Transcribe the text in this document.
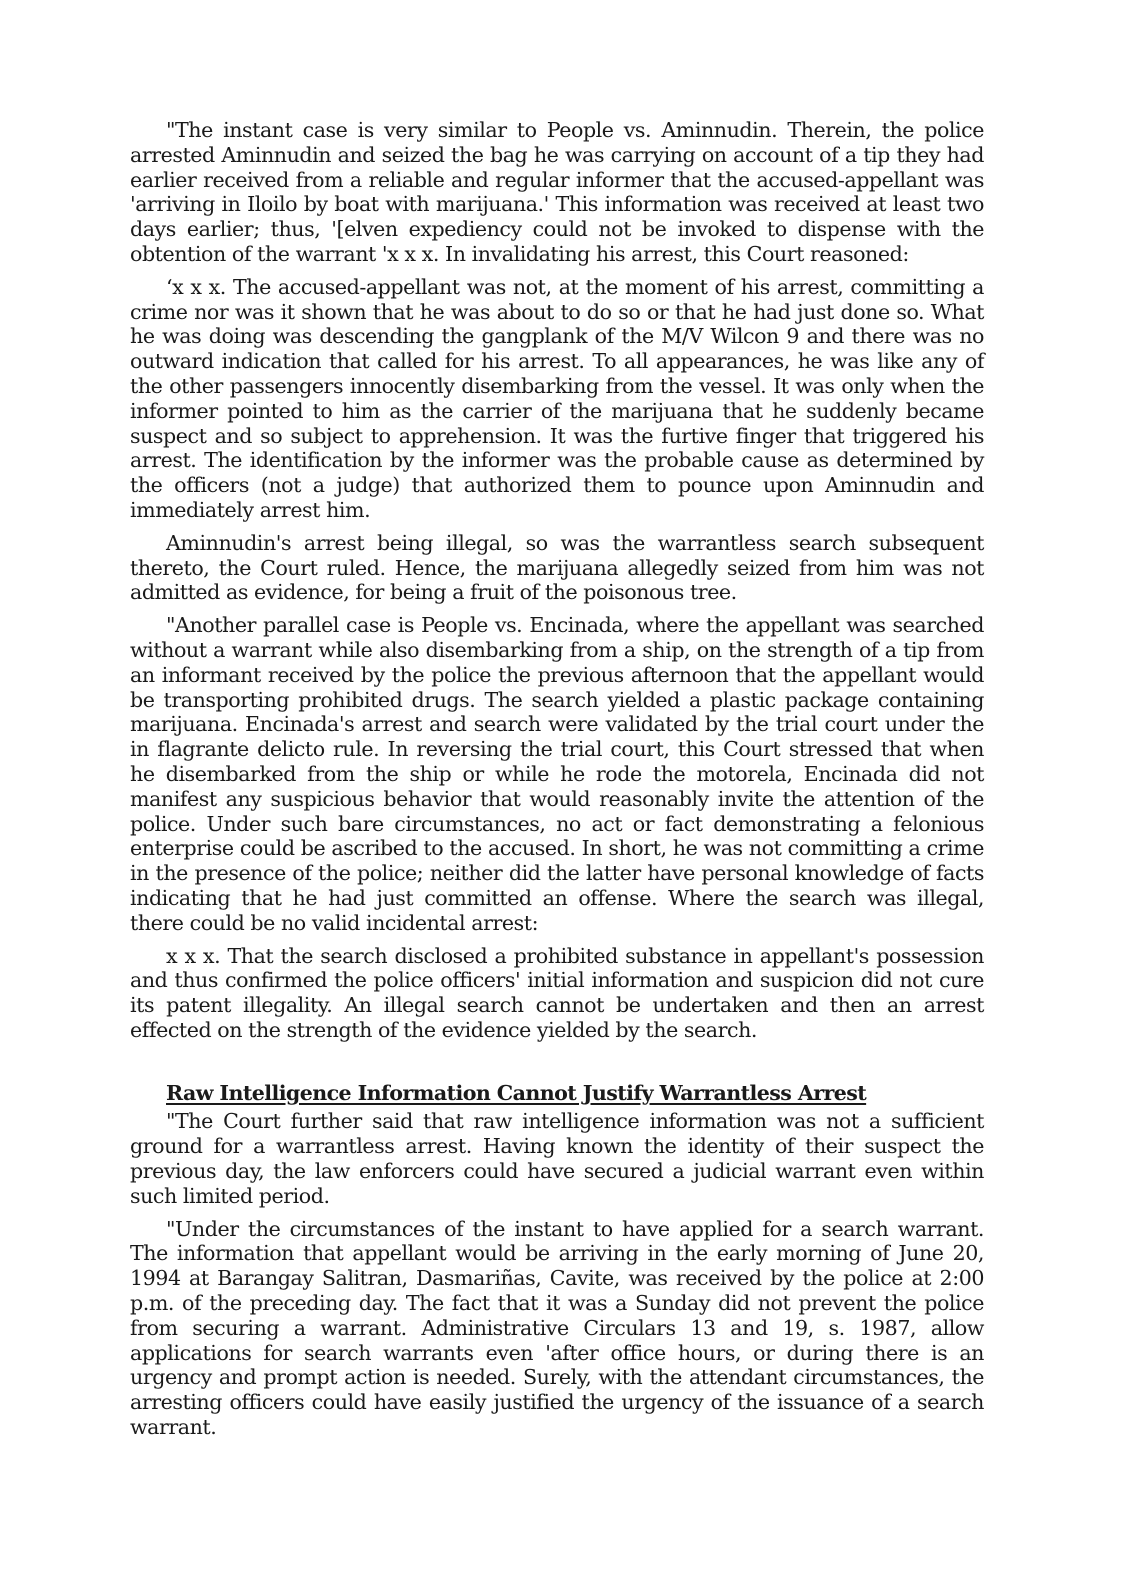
"The instant case is very similar to People vs. Aminnudin. Therein, the police arrested Aminnudin and seized the bag he was carrying on account of a tip they had earlier received from a reliable and regular informer that the accused-appellant was 'arriving in Iloilo by boat with marijuana.' This information was received at least two days earlier; thus, '[elven expediency could not be invoked to dispense with the obtention of the warrant 'x x x. In invalidating his arrest, this Court reasoned:

‘x x x. The accused-appellant was not, at the moment of his arrest, committing a crime nor was it shown that he was about to do so or that he had just done so. What he was doing was descending the gangplank of the M/V Wilcon 9 and there was no outward indication that called for his arrest. To all appearances, he was like any of the other passengers innocently disembarking from the vessel. It was only when the informer pointed to him as the carrier of the marijuana that he suddenly became suspect and so subject to apprehension. It was the furtive finger that triggered his arrest. The identification by the informer was the probable cause as determined by the officers (not a judge) that authorized them to pounce upon Aminnudin and immediately arrest him.

Aminnudin's arrest being illegal, so was the warrantless search subsequent thereto, the Court ruled. Hence, the marijuana allegedly seized from him was not admitted as evidence, for being a fruit of the poisonous tree.

"Another parallel case is People vs. Encinada, where the appellant was searched without a warrant while also disembarking from a ship, on the strength of a tip from an informant received by the police the previous afternoon that the appellant would be transporting prohibited drugs. The search yielded a plastic package containing marijuana. Encinada's arrest and search were validated by the trial court under the in flagrante delicto rule. In reversing the trial court, this Court stressed that when he disembarked from the ship or while he rode the motorela, Encinada did not manifest any suspicious behavior that would reasonably invite the attention of the police. Under such bare circumstances, no act or fact demonstrating a felonious enterprise could be ascribed to the accused. In short, he was not committing a crime in the presence of the police; neither did the latter have personal knowledge of facts indicating that he had just committed an offense. Where the search was illegal, there could be no valid incidental arrest:

x x x. That the search disclosed a prohibited substance in appellant's possession and thus confirmed the police officers' initial information and suspicion did not cure its patent illegality. An illegal search cannot be undertaken and then an arrest effected on the strength of the evidence yielded by the search.

Raw Intelligence Information Cannot Justify Warrantless Arrest

"The Court further said that raw intelligence information was not a sufficient ground for a warrantless arrest. Having known the identity of their suspect the previous day, the law enforcers could have secured a judicial warrant even within such limited period.

"Under the circumstances of the instant to have applied for a search warrant. The information that appellant would be arriving in the early morning of June 20, 1994 at Barangay Salitran, Dasmariñas, Cavite, was received by the police at 2:00 p.m. of the preceding day. The fact that it was a Sunday did not prevent the police from securing a warrant. Administrative Circulars 13 and 19, s. 1987, allow applications for search warrants even 'after office hours, or during there is an urgency and prompt action is needed. Surely, with the attendant circumstances, the arresting officers could have easily justified the urgency of the issuance of a search warrant.
